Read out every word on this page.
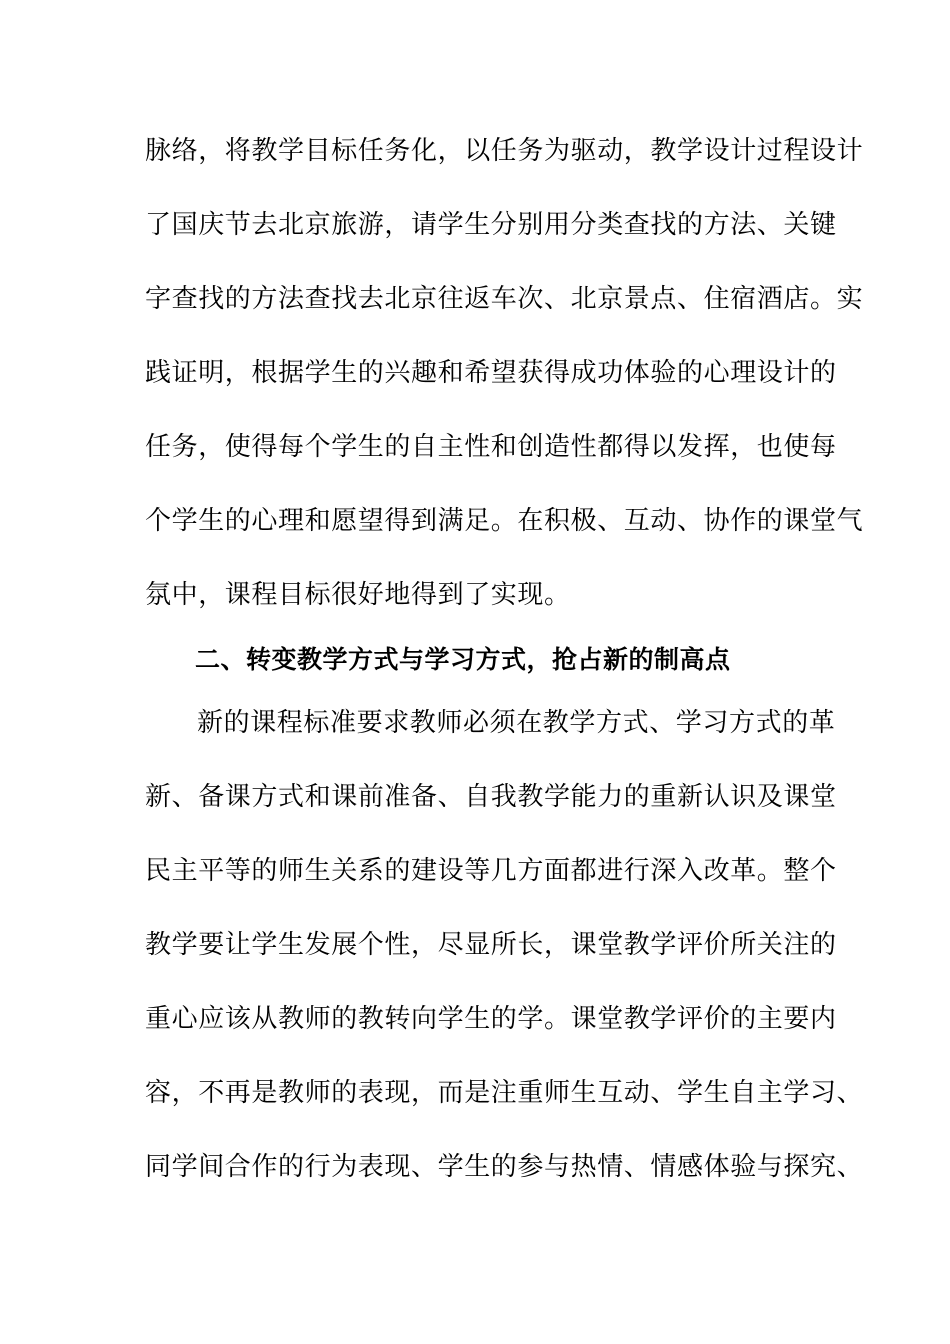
脉络，将教学目标任务化，以任务为驱动，教学设计过程设计
了国庆节去北京旅游，请学生分别用分类查找的方法、关键
字查找的方法查找去北京往返车次、北京景点、住宿酒店。实
践证明，根据学生的兴趣和希望获得成功体验的心理设计的
任务，使得每个学生的自主性和创造性都得以发挥，也使每
个学生的心理和愿望得到满足。在积极、互动、协作的课堂气
氛中，课程目标很好地得到了实现。
二、转变教学方式与学习方式，抢占新的制高点
新的课程标准要求教师必须在教学方式、学习方式的革
新、备课方式和课前准备、自我教学能力的重新认识及课堂
民主平等的师生关系的建设等几方面都进行深入改革。整个
教学要让学生发展个性，尽显所长，课堂教学评价所关注的
重心应该从教师的教转向学生的学。课堂教学评价的主要内
容，不再是教师的表现，而是注重师生互动、学生自主学习、
同学间合作的行为表现、学生的参与热情、情感体验与探究、
